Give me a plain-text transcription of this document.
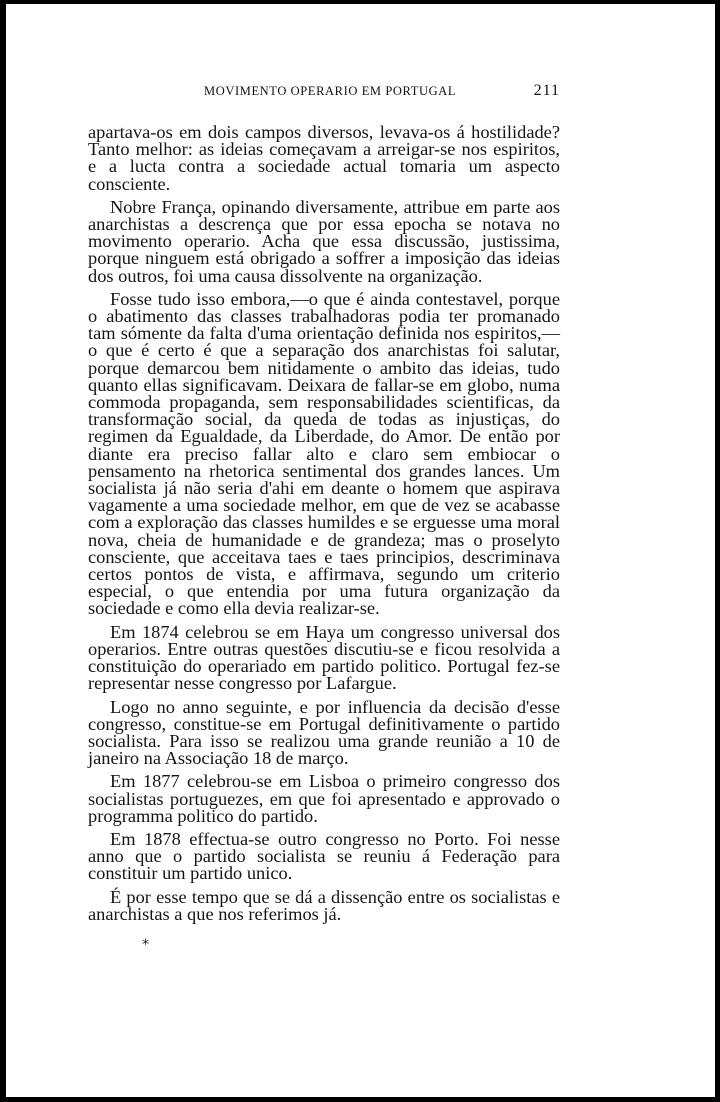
MOVIMENTO OPERARIO EM PORTUGAL	211

apartava-os em dois campos diversos, levava-os á hostilidade? Tanto melhor: as ideias começavam a arreigar-se nos espiritos, e a lucta contra a sociedade actual tomaria um aspecto consciente.

Nobre França, opinando diversamente, attribue em parte aos anarchistas a descrença que por essa epocha se notava no movimento operario. Acha que essa discussão, justissima, porque ninguem está obrigado a soffrer a imposição das ideias dos outros, foi uma causa dissolvente na organização.

Fosse tudo isso embora,—o que é ainda contestavel, porque o abatimento das classes trabalhadoras podia ter promanado tam sómente da falta d'uma orientação definida nos espiritos,— o que é certo é que a separação dos anarchistas foi salutar, porque demarcou bem nitidamente o ambito das ideias, tudo quanto ellas significavam. Deixara de fallar-se em globo, numa commoda propaganda, sem responsabilidades scientificas, da transformação social, da queda de todas as injustiças, do regimen da Egualdade, da Liberdade, do Amor. De então por diante era preciso fallar alto e claro sem embiocar o pensamento na rhetorica sentimental dos grandes lances. Um socialista já não seria d'ahi em deante o homem que aspirava vagamente a uma sociedade melhor, em que de vez se acabasse com a exploração das classes humildes e se erguesse uma moral nova, cheia de humanidade e de grandeza; mas o proselyto consciente, que acceitava taes e taes principios, descriminava certos pontos de vista, e affirmava, segundo um criterio especial, o que entendia por uma futura organização da sociedade e como ella devia realizar-se.

Em 1874 celebrou se em Haya um congresso universal dos operarios. Entre outras questões discutiu-se e ficou resolvida a constituição do operariado em partido politico. Portugal fez-se representar nesse congresso por Lafargue.

Logo no anno seguinte, e por influencia da decisão d'esse congresso, constitue-se em Portugal definitivamente o partido socialista. Para isso se realizou uma grande reunião a 10 de janeiro na Associação 18 de março.

Em 1877 celebrou-se em Lisboa o primeiro congresso dos socialistas portuguezes, em que foi apresentado e approvado o programma politico do partido.

Em 1878 effectua-se outro congresso no Porto. Foi nesse anno que o partido socialista se reuniu á Federação para constituir um partido unico.

É por esse tempo que se dá a dissenção entre os socialistas e anarchistas a que nos referimos já.

*
